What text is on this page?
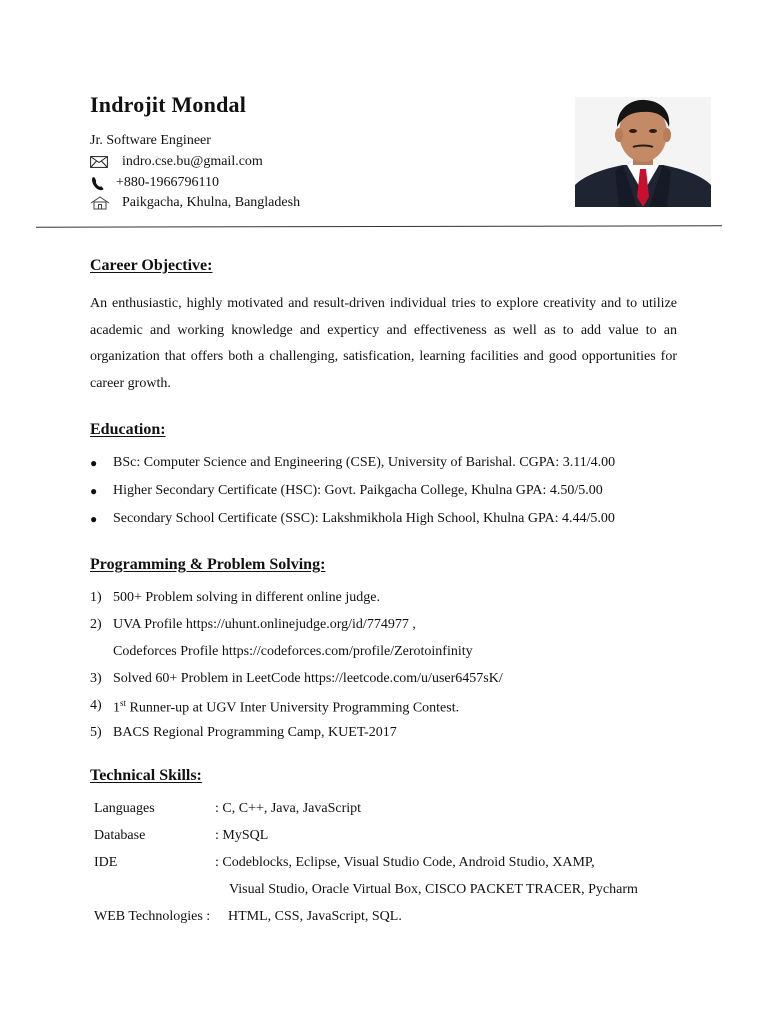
Indrojit Mondal
Jr. Software Engineer
indro.cse.bu@gmail.com
+880-1966796110
Paikgacha, Khulna, Bangladesh
Career Objective:
An enthusiastic, highly motivated and result-driven individual tries to explore creativity and to utilize academic and working knowledge and experticy and effectiveness as well as to add value to an organization that offers both a challenging, satisfication, learning facilities and good opportunities for career growth.
Education:
●	BSc: Computer Science and Engineering (CSE), University of Barishal. CGPA: 3.11/4.00
●	Higher Secondary Certificate (HSC): Govt. Paikgacha College, Khulna GPA: 4.50/5.00
●	Secondary School Certificate (SSC): Lakshmikhola High School, Khulna GPA: 4.44/5.00
Programming & Problem Solving:
1) 500+ Problem solving in different online judge.
2) UVA Profile https://uhunt.onlinejudge.org/id/774977 ,
Codeforces Profile https://codeforces.com/profile/Zerotoinfinity
3) Solved 60+ Problem in LeetCode https://leetcode.com/u/user6457sK/
4) 1st Runner-up at UGV Inter University Programming Contest.
5) BACS Regional Programming Camp, KUET-2017
Technical Skills:
Languages	: C, C++, Java, JavaScript
Database	: MySQL
IDE	: Codeblocks, Eclipse, Visual Studio Code, Android Studio, XAMP,
Visual Studio, Oracle Virtual Box, CISCO PACKET TRACER, Pycharm
WEB Technologies :	HTML, CSS, JavaScript, SQL.
